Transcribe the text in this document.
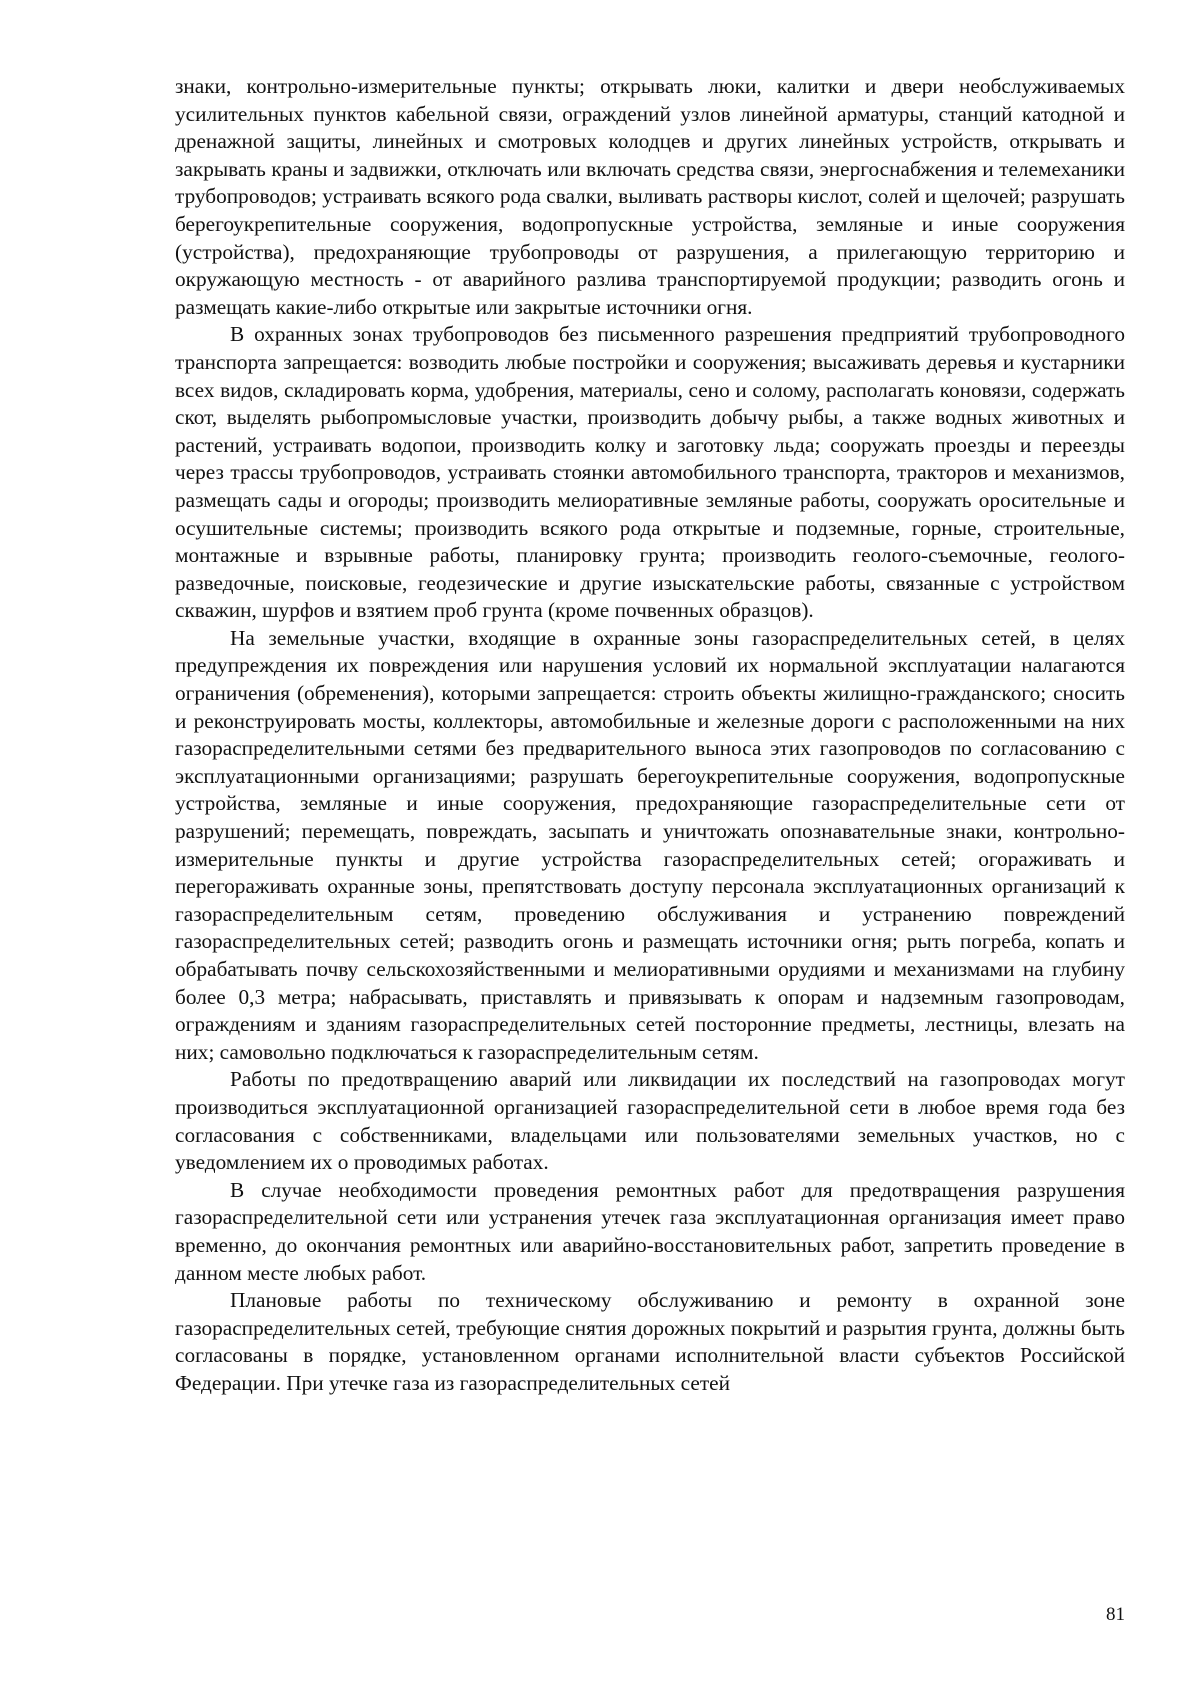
знаки, контрольно-измерительные пункты; открывать люки, калитки и двери необслуживаемых усилительных пунктов кабельной связи, ограждений узлов линейной арматуры, станций катодной и дренажной защиты, линейных и смотровых колодцев и других линейных устройств, открывать и закрывать краны и задвижки, отключать или включать средства связи, энергоснабжения и телемеханики трубопроводов; устраивать всякого рода свалки, выливать растворы кислот, солей и щелочей; разрушать берегоукрепительные сооружения, водопропускные устройства, земляные и иные сооружения (устройства), предохраняющие трубопроводы от разрушения, а прилегающую территорию и окружающую местность - от аварийного разлива транспортируемой продукции; разводить огонь и размещать какие-либо открытые или закрытые источники огня.

В охранных зонах трубопроводов без письменного разрешения предприятий трубопроводного транспорта запрещается: возводить любые постройки и сооружения; высаживать деревья и кустарники всех видов, складировать корма, удобрения, материалы, сено и солому, располагать коновязи, содержать скот, выделять рыбопромысловые участки, производить добычу рыбы, а также водных животных и растений, устраивать водопои, производить колку и заготовку льда; сооружать проезды и переезды через трассы трубопроводов, устраивать стоянки автомобильного транспорта, тракторов и механизмов, размещать сады и огороды; производить мелиоративные земляные работы, сооружать оросительные и осушительные системы; производить всякого рода открытые и подземные, горные, строительные, монтажные и взрывные работы, планировку грунта; производить геолого-съемочные, геолого-разведочные, поисковые, геодезические и другие изыскательские работы, связанные с устройством скважин, шурфов и взятием проб грунта (кроме почвенных образцов).

На земельные участки, входящие в охранные зоны газораспределительных сетей, в целях предупреждения их повреждения или нарушения условий их нормальной эксплуатации налагаются ограничения (обременения), которыми запрещается: строить объекты жилищно-гражданского; сносить и реконструировать мосты, коллекторы, автомобильные и железные дороги с расположенными на них газораспределительными сетями без предварительного выноса этих газопроводов по согласованию с эксплуатационными организациями; разрушать берегоукрепительные сооружения, водопропускные устройства, земляные и иные сооружения, предохраняющие газораспределительные сети от разрушений; перемещать, повреждать, засыпать и уничтожать опознавательные знаки, контрольно-измерительные пункты и другие устройства газораспределительных сетей; огораживать и перегораживать охранные зоны, препятствовать доступу персонала эксплуатационных организаций к газораспределительным сетям, проведению обслуживания и устранению повреждений газораспределительных сетей; разводить огонь и размещать источники огня; рыть погреба, копать и обрабатывать почву сельскохозяйственными и мелиоративными орудиями и механизмами на глубину более 0,3 метра; набрасывать, приставлять и привязывать к опорам и надземным газопроводам, ограждениям и зданиям газораспределительных сетей посторонние предметы, лестницы, влезать на них; самовольно подключаться к газораспределительным сетям.

Работы по предотвращению аварий или ликвидации их последствий на газопроводах могут производиться эксплуатационной организацией газораспределительной сети в любое время года без согласования с собственниками, владельцами или пользователями земельных участков, но с уведомлением их о проводимых работах.

В случае необходимости проведения ремонтных работ для предотвращения разрушения газораспределительной сети или устранения утечек газа эксплуатационная организация имеет право временно, до окончания ремонтных или аварийно-восстановительных работ, запретить проведение в данном месте любых работ.

Плановые работы по техническому обслуживанию и ремонту в охранной зоне газораспределительных сетей, требующие снятия дорожных покрытий и разрытия грунта, должны быть согласованы в порядке, установленном органами исполнительной власти субъектов Российской Федерации. При утечке газа из газораспределительных сетей

81
